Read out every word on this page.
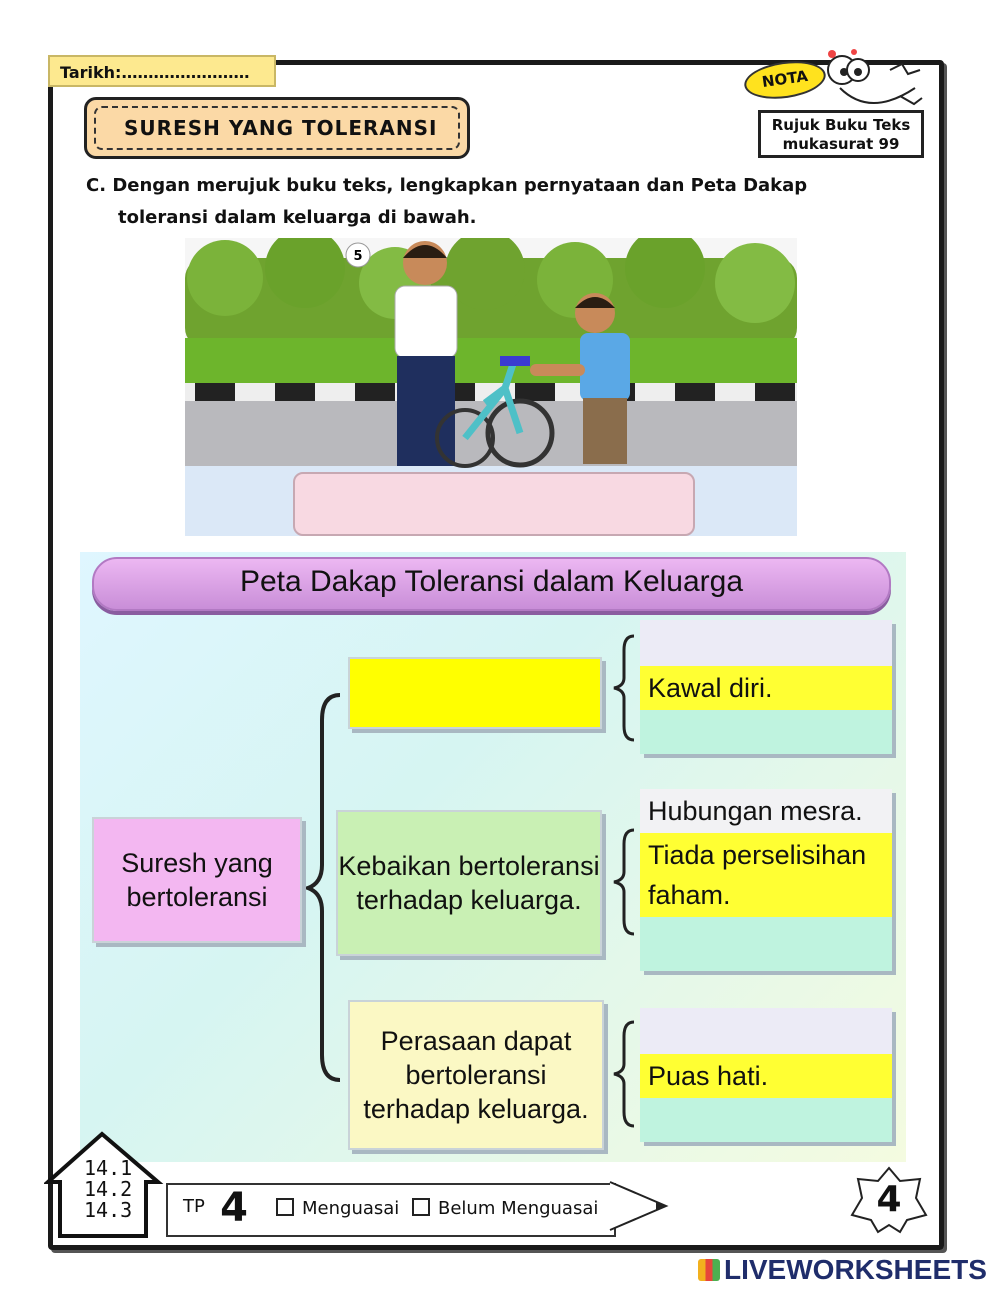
Tarikh:……………………
SURESH YANG TOLERANSI
NOTA
Rujuk Buku Teks
mukasurat 99
C. Dengan merujuk buku teks, lengkapkan pernyataan dan Peta Dakap
toleransi dalam keluarga di bawah.
5
Peta Dakap Toleransi dalam Keluarga
Suresh yang bertoleransi
Kebaikan bertoleransi terhadap keluarga.
Perasaan dapat bertoleransi terhadap keluarga.
Kawal diri.
Hubungan mesra.
Tiada perselisihan faham.
Puas hati.
14.1
14.2
14.3	TP 4	Menguasai	Belum Menguasai	4
LIVEWORKSHEETS
